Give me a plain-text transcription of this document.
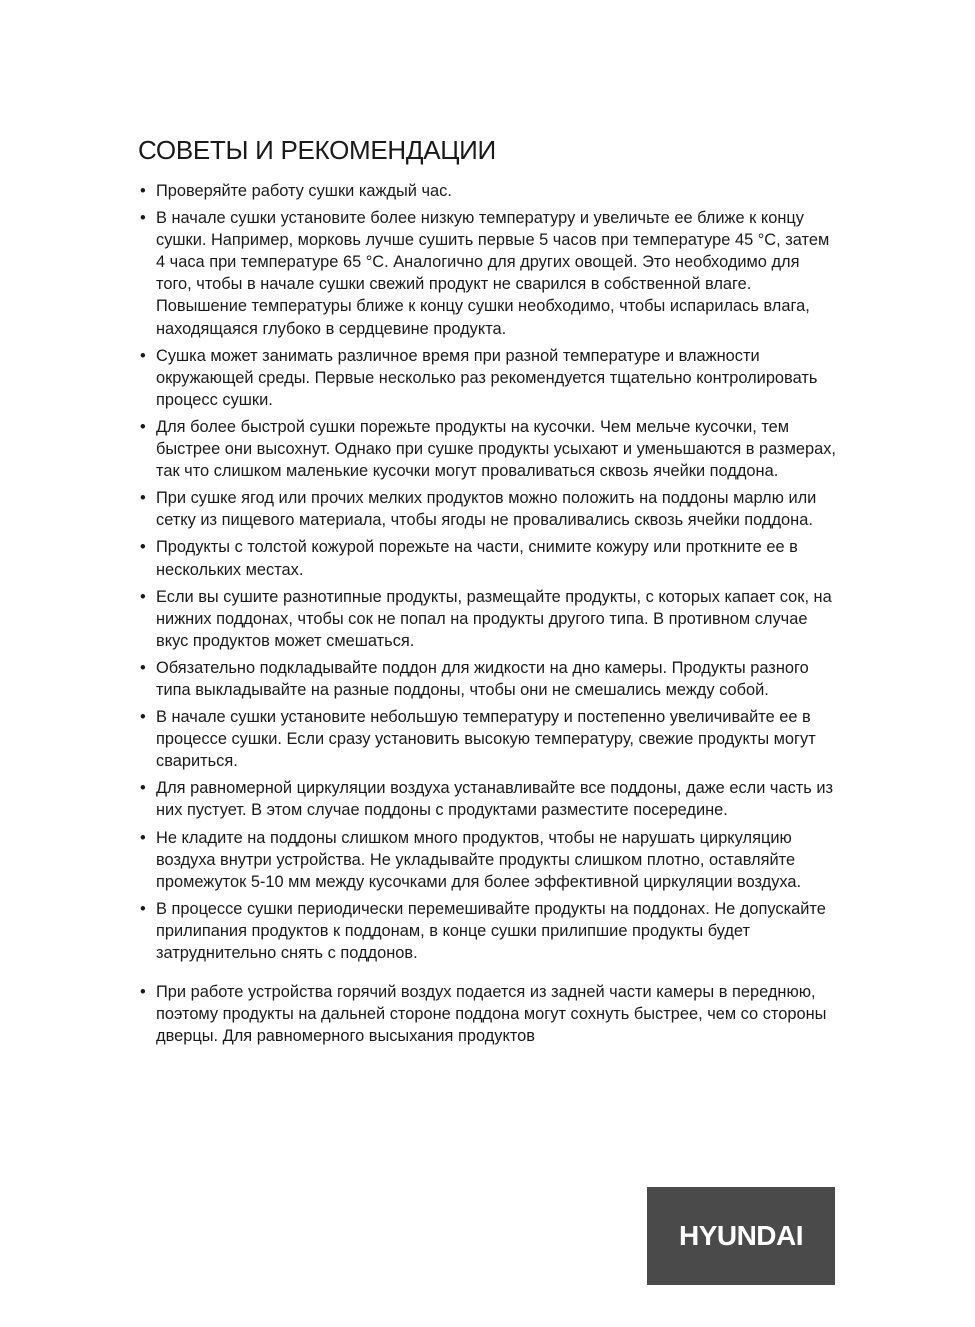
СОВЕТЫ И РЕКОМЕНДАЦИИ
• Проверяйте работу сушки каждый час.
• В начале сушки установите более низкую температуру и увеличьте ее ближе к концу сушки. Например, морковь лучше сушить первые 5 часов при температуре 45 °C, затем 4 часа при температуре 65 °C. Аналогично для других овощей. Это необходимо для того, чтобы в начале сушки свежий продукт не сварился в собственной влаге. Повышение температуры ближе к концу сушки необходимо, чтобы испарилась влага, находящаяся глубоко в сердцевине продукта.
• Сушка может занимать различное время при разной температуре и влажности окружающей среды. Первые несколько раз рекомендуется тщательно контролировать процесс сушки.
• Для более быстрой сушки порежьте продукты на кусочки. Чем мельче кусочки, тем быстрее они высохнут. Однако при сушке продукты усыхают и уменьшаются в размерах, так что слишком маленькие кусочки могут проваливаться сквозь ячейки поддона.
• При сушке ягод или прочих мелких продуктов можно положить на поддоны марлю или сетку из пищевого материала, чтобы ягоды не проваливались сквозь ячейки поддона.
• Продукты с толстой кожурой порежьте на части, снимите кожуру или проткните ее в нескольких местах.
• Если вы сушите разнотипные продукты, размещайте продукты, с которых капает сок, на нижних поддонах, чтобы сок не попал на продукты другого типа. В противном случае вкус продуктов может смешаться.
• Обязательно подкладывайте поддон для жидкости на дно камеры. Продукты разного типа выкладывайте на разные поддоны, чтобы они не смешались между собой.
• В начале сушки установите небольшую температуру и постепенно увеличивайте ее в процессе сушки. Если сразу установить высокую температуру, свежие продукты могут свариться.
• Для равномерной циркуляции воздуха устанавливайте все поддоны, даже если часть из них пустует. В этом случае поддоны с продуктами разместите посередине.
• Не кладите на поддоны слишком много продуктов, чтобы не нарушать циркуляцию воздуха внутри устройства. Не укладывайте продукты слишком плотно, оставляйте промежуток 5-10 мм между кусочками для более эффективной циркуляции воздуха.
• В процессе сушки периодически перемешивайте продукты на поддонах. Не допускайте прилипания продуктов к поддонам, в конце сушки прилипшие продукты будет затруднительно снять с поддонов.
• При работе устройства горячий воздух подается из задней части камеры в переднюю, поэтому продукты на дальней стороне поддона могут сохнуть быстрее, чем со стороны дверцы. Для равномерного высыхания продуктов
HYUNDAI
